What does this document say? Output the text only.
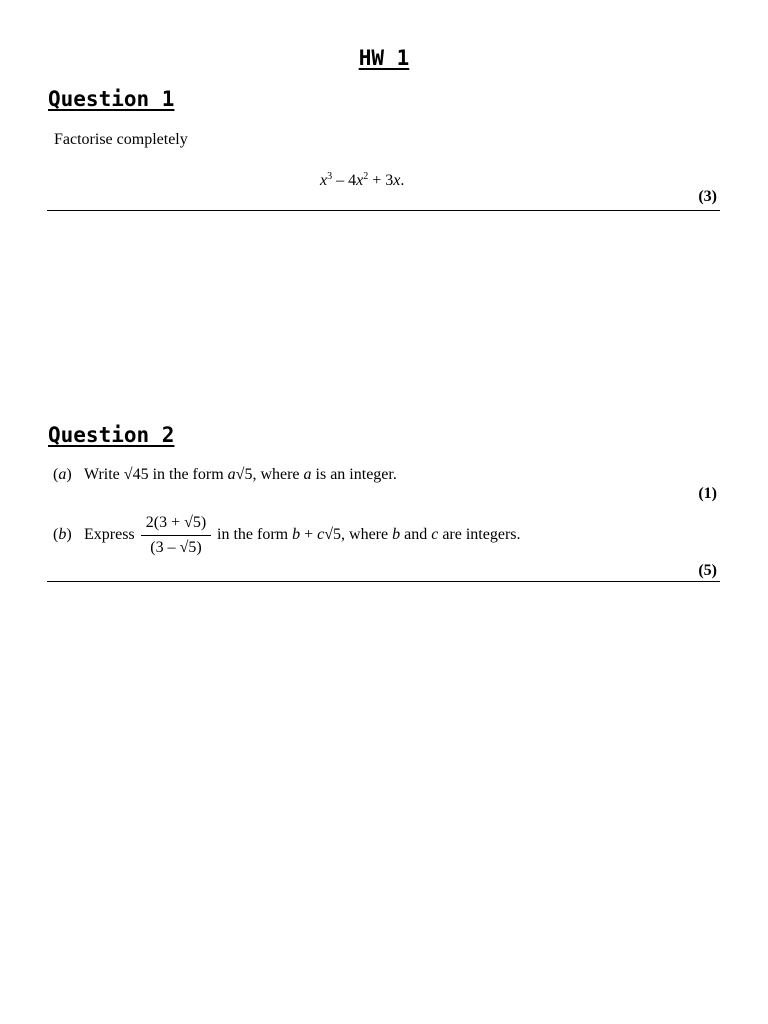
HW 1
Question 1
Factorise completely
$x^3 - 4x^2 + 3x$.
(3)
Question 2
(a) Write √45 in the form a√5, where a is an integer.
(1)
(b) Express $\frac{2(3 + √5)}{(3 - √5)}$ in the form b + c√5, where b and c are integers.
(5)
